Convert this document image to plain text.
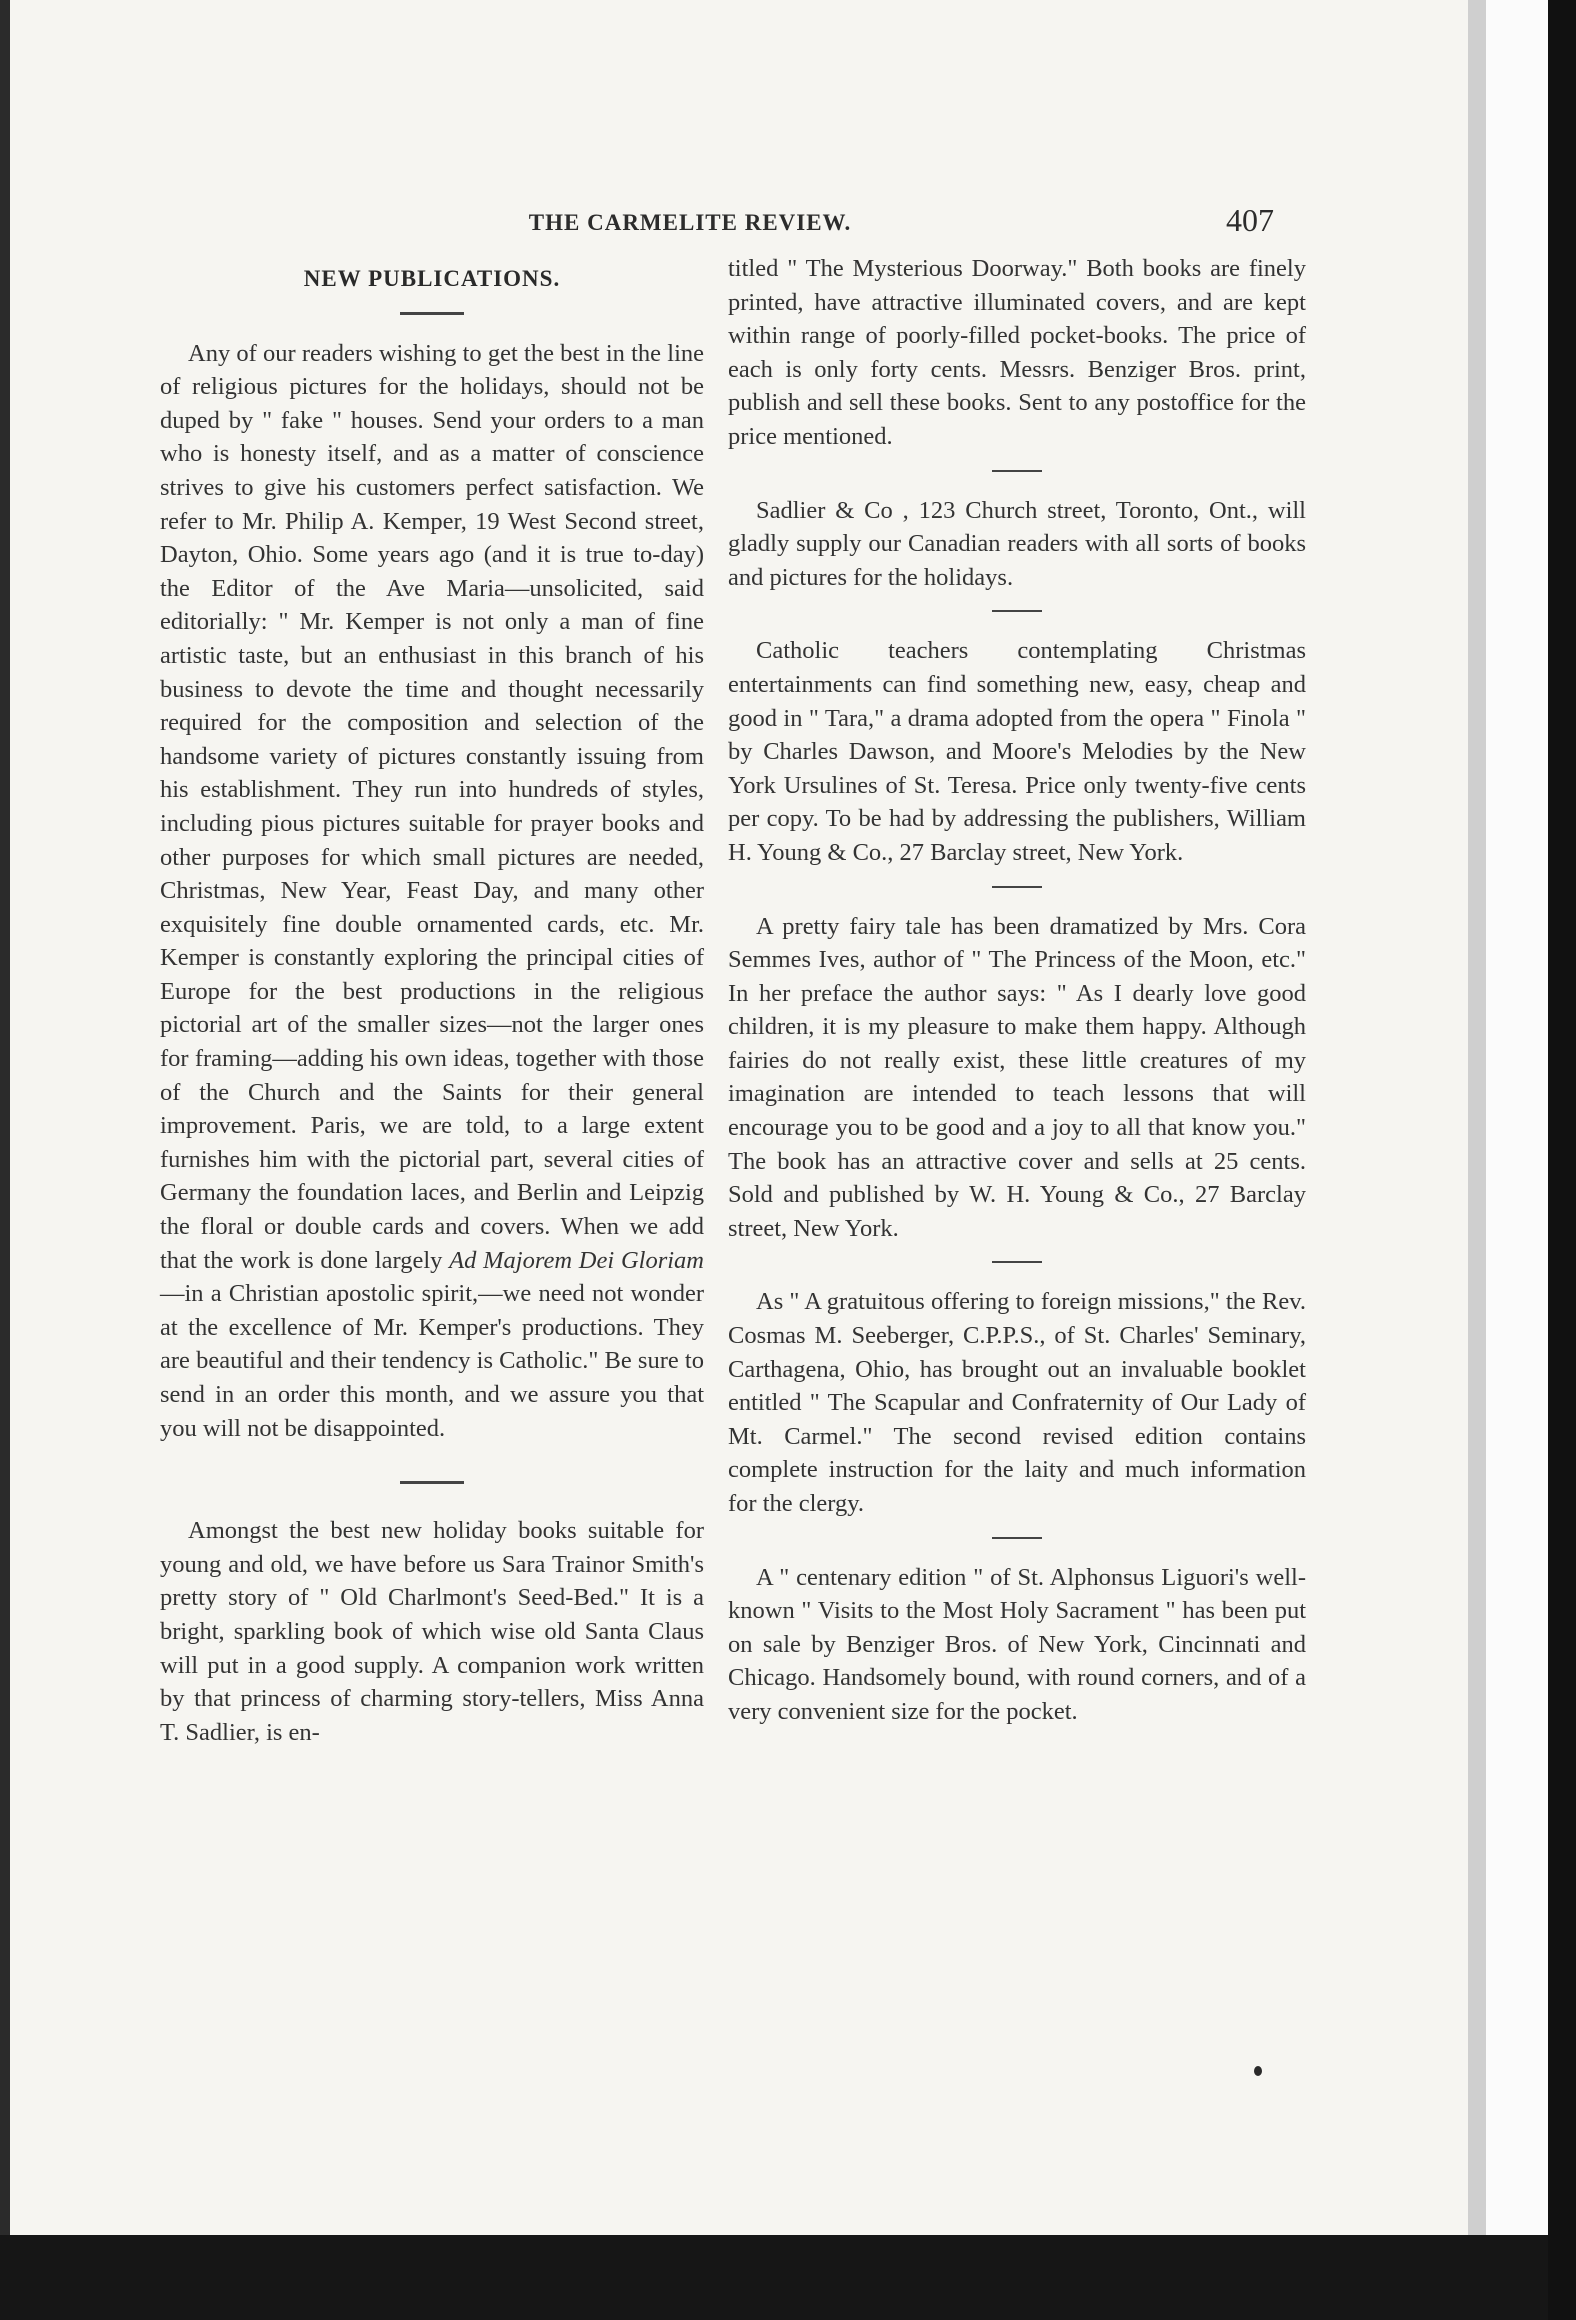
THE CARMELITE REVIEW.	407
NEW PUBLICATIONS.

Any of our readers wishing to get the best in the line of religious pictures for the holidays, should not be duped by " fake " houses. Send your orders to a man who is honesty itself, and as a matter of conscience strives to give his customers perfect satisfaction. We refer to Mr. Philip A. Kemper, 19 West Second street, Dayton, Ohio. Some years ago (and it is true to-day) the Editor of the Ave Maria—unsolicited, said editorially: " Mr. Kemper is not only a man of fine artistic taste, but an enthusiast in this branch of his business to devote the time and thought necessarily required for the composition and selection of the handsome variety of pictures constantly issuing from his establishment. They run into hundreds of styles, including pious pictures suitable for prayer books and other purposes for which small pictures are needed, Christmas, New Year, Feast Day, and many other exquisitely fine double ornamented cards, etc. Mr. Kemper is constantly exploring the principal cities of Europe for the best productions in the religious pictorial art of the smaller sizes—not the larger ones for framing—adding his own ideas, together with those of the Church and the Saints for their general improvement. Paris, we are told, to a large extent furnishes him with the pictorial part, several cities of Germany the foundation laces, and Berlin and Leipzig the floral or double cards and covers. When we add that the work is done largely Ad Majorem Dei Gloriam—in a Christian apostolic spirit,—we need not wonder at the excellence of Mr. Kemper's productions. They are beautiful and their tendency is Catholic." Be sure to send in an order this month, and we assure you that you will not be disappointed.

Amongst the best new holiday books suitable for young and old, we have before us Sara Trainor Smith's pretty story of " Old Charlmont's Seed-Bed." It is a bright, sparkling book of which wise old Santa Claus will put in a good supply. A companion work written by that princess of charming story-tellers, Miss Anna T. Sadlier, is en-

titled " The Mysterious Doorway." Both books are finely printed, have attractive illuminated covers, and are kept within range of poorly-filled pocket-books. The price of each is only forty cents. Messrs. Benziger Bros. print, publish and sell these books. Sent to any postoffice for the price mentioned.

Sadlier & Co , 123 Church street, Toronto, Ont., will gladly supply our Canadian readers with all sorts of books and pictures for the holidays.

Catholic teachers contemplating Christmas entertainments can find something new, easy, cheap and good in " Tara," a drama adopted from the opera " Finola " by Charles Dawson, and Moore's Melodies by the New York Ursulines of St. Teresa. Price only twenty-five cents per copy. To be had by addressing the publishers, William H. Young & Co., 27 Barclay street, New York.

A pretty fairy tale has been dramatized by Mrs. Cora Semmes Ives, author of " The Princess of the Moon, etc." In her preface the author says: " As I dearly love good children, it is my pleasure to make them happy. Although fairies do not really exist, these little creatures of my imagination are intended to teach lessons that will encourage you to be good and a joy to all that know you." The book has an attractive cover and sells at 25 cents. Sold and published by W. H. Young & Co., 27 Barclay street, New York.

As " A gratuitous offering to foreign missions," the Rev. Cosmas M. Seeberger, C.P.P.S., of St. Charles' Seminary, Carthagena, Ohio, has brought out an invaluable booklet entitled " The Scapular and Confraternity of Our Lady of Mt. Carmel." The second revised edition contains complete instruction for the laity and much information for the clergy.

A " centenary edition " of St. Alphonsus Liguori's well-known " Visits to the Most Holy Sacrament " has been put on sale by Benziger Bros. of New York, Cincinnati and Chicago. Handsomely bound, with round corners, and of a very convenient size for the pocket.
